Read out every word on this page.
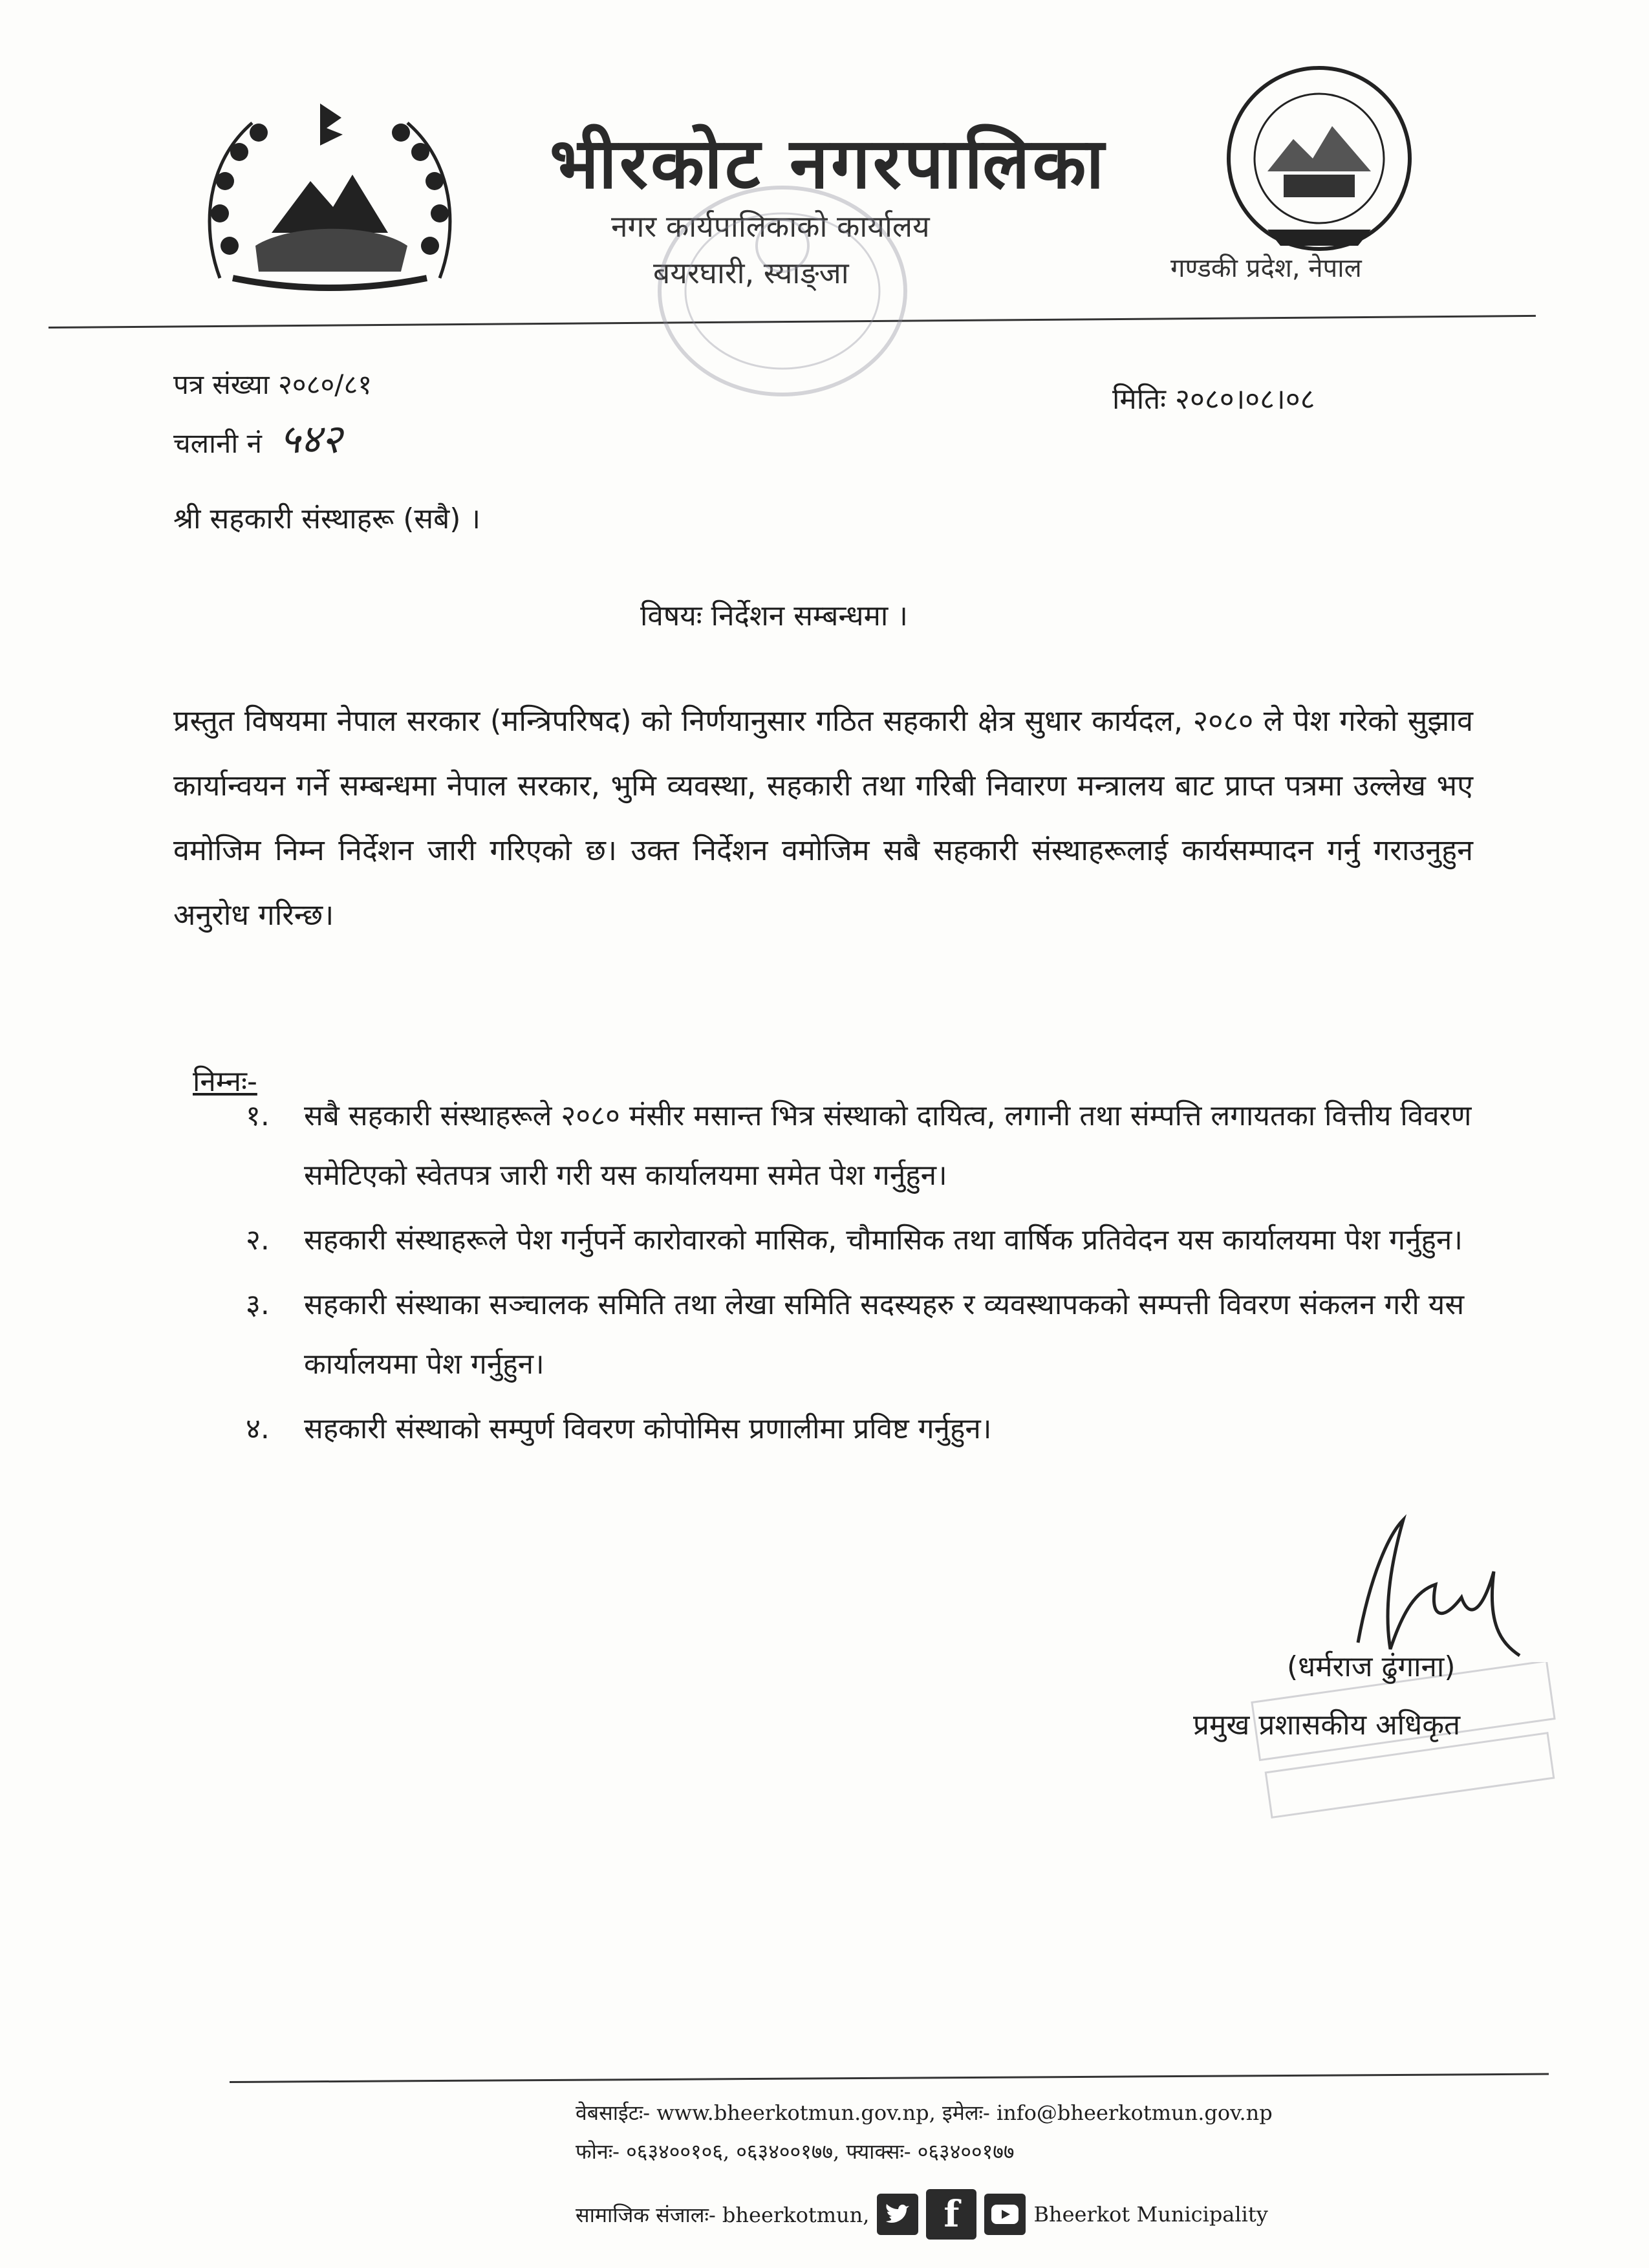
भीरकोट नगरपालिका
नगर कार्यपालिकाको कार्यालय
बयरघारी, स्याङ्जा	गण्डकी प्रदेश, नेपाल
पत्र संख्या २०८०/८१
चलानी नं ५४२
मितिः २०८०।०८।०८
श्री सहकारी संस्थाहरू (सबै) ।
विषयः निर्देशन सम्बन्धमा ।
प्रस्तुत विषयमा नेपाल सरकार (मन्त्रिपरिषद) को निर्णयानुसार गठित सहकारी क्षेत्र सुधार कार्यदल, २०८० ले पेश गरेको सुझाव कार्यान्वयन गर्ने सम्बन्धमा नेपाल सरकार, भुमि व्यवस्था, सहकारी तथा गरिबी निवारण मन्त्रालय बाट प्राप्त पत्रमा उल्लेख भए वमोजिम निम्न निर्देशन जारी गरिएको छ। उक्त निर्देशन वमोजिम सबै सहकारी संस्थाहरूलाई कार्यसम्पादन गर्नु गराउनुहुन अनुरोध गरिन्छ।
निम्नः-
१. सबै सहकारी संस्थाहरूले २०८० मंसीर मसान्त भित्र संस्थाको दायित्व, लगानी तथा संम्पत्ति लगायतका वित्तीय विवरण समेटिएको स्वेतपत्र जारी गरी यस कार्यालयमा समेत पेश गर्नुहुन।
२. सहकारी संस्थाहरूले पेश गर्नुपर्ने कारोवारको मासिक, चौमासिक तथा वार्षिक प्रतिवेदन यस कार्यालयमा पेश गर्नुहुन।
३. सहकारी संस्थाका सञ्चालक समिति तथा लेखा समिति सदस्यहरु र व्यवस्थापकको सम्पत्ती विवरण संकलन गरी यस कार्यालयमा पेश गर्नुहुन।
४. सहकारी संस्थाको सम्पुर्ण विवरण कोपोमिस प्रणालीमा प्रविष्ट गर्नुहुन।
(धर्मराज ढुंगाना)
प्रमुख प्रशासकीय अधिकृत
वेबसाईटः- www.bheerkotmun.gov.np, इमेलः- info@bheerkotmun.gov.np
फोनः- ०६३४००१०६, ०६३४००१७७, फ्याक्सः- ०६३४००१७७
सामाजिक संजालः- bheerkotmun,	f	Bheerkot Municipality
